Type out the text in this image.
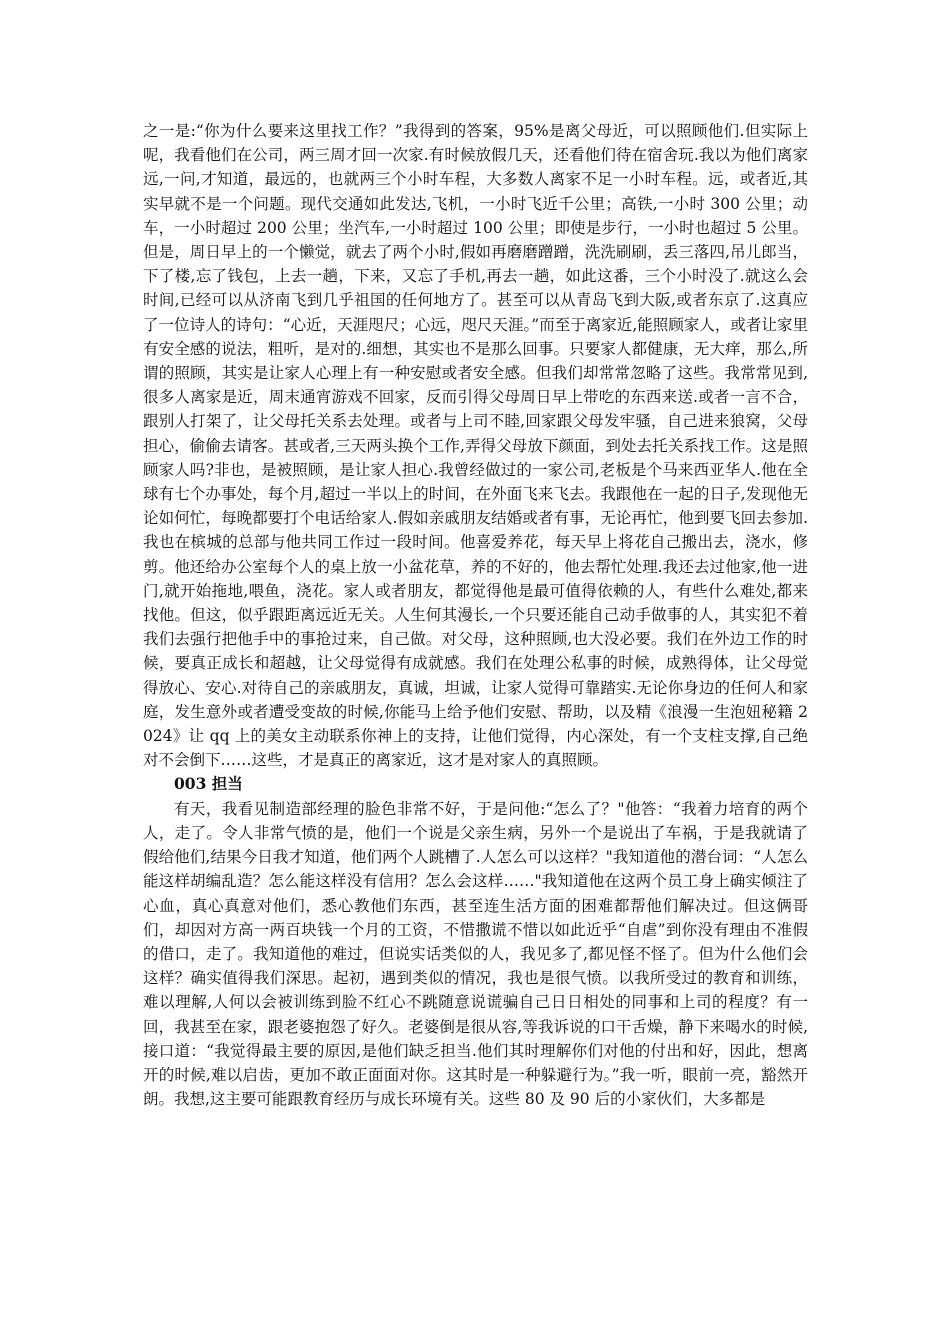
之一是:“你为什么要来这里找工作？”我得到的答案，95%是离父母近，可以照顾他们.但实际上呢，我看他们在公司，两三周才回一次家.有时候放假几天，还看他们待在宿舍玩.我以为他们离家远,一问,才知道，最远的，也就两三个小时车程，大多数人离家不足一小时车程。远，或者近,其实早就不是一个问题。现代交通如此发达,飞机，一小时飞近千公里；高铁,一小时 300 公里；动车，一小时超过 200 公里；坐汽车,一小时超过 100 公里；即使是步行，一小时也超过 5 公里。但是，周日早上的一个懒觉，就去了两个小时,假如再磨磨蹭蹭，洗洗刷刷，丢三落四,吊儿郎当，下了楼,忘了钱包，上去一趟，下来，又忘了手机,再去一趟，如此这番，三个小时没了.就这么会时间,已经可以从济南飞到几乎祖国的任何地方了。甚至可以从青岛飞到大阪,或者东京了.这真应了一位诗人的诗句：“心近，天涯咫尺；心远，咫尺天涯。”而至于离家近,能照顾家人，或者让家里有安全感的说法，粗听，是对的.细想，其实也不是那么回事。只要家人都健康，无大痒，那么,所谓的照顾，其实是让家人心理上有一种安慰或者安全感。但我们却常常忽略了这些。我常常见到,很多人离家是近，周末通宵游戏不回家，反而引得父母周日早上带吃的东西来送.或者一言不合，跟别人打架了，让父母托关系去处理。或者与上司不睦,回家跟父母发牢骚，自己进来狼窝，父母担心，偷偷去请客。甚或者,三天两头换个工作,弄得父母放下颜面，到处去托关系找工作。这是照顾家人吗?非也，是被照顾，是让家人担心.我曾经做过的一家公司,老板是个马来西亚华人.他在全球有七个办事处，每个月,超过一半以上的时间，在外面飞来飞去。我跟他在一起的日子,发现他无论如何忙，每晚都要打个电话给家人.假如亲戚朋友结婚或者有事，无论再忙，他到要飞回去参加.我也在槟城的总部与他共同工作过一段时间。他喜爱养花，每天早上将花自己搬出去，浇水，修剪。他还给办公室每个人的桌上放一小盆花草，养的不好的，他去帮忙处理.我还去过他家,他一进门,就开始拖地,喂鱼，浇花。家人或者朋友，都觉得他是最可值得依赖的人，有些什么难处,都来找他。但这，似乎跟距离远近无关。人生何其漫长,一个只要还能自己动手做事的人，其实犯不着我们去强行把他手中的事抢过来，自己做。对父母，这种照顾,也大没必要。我们在外边工作的时候，要真正成长和超越，让父母觉得有成就感。我们在处理公私事的时候，成熟得体，让父母觉得放心、安心.对待自己的亲戚朋友，真诚，坦诚，让家人觉得可靠踏实.无论你身边的任何人和家庭，发生意外或者遭受变故的时候,你能马上给予他们安慰、帮助，以及精《浪漫一生泡妞秘籍 2024》让 qq 上的美女主动联系你神上的支持，让他们觉得，内心深处，有一个支柱支撑,自己绝对不会倒下……这些，才是真正的离家近，这才是对家人的真照顾。

003 担当

有天，我看见制造部经理的脸色非常不好，于是问他:“怎么了？"他答：“我着力培育的两个人，走了。令人非常气愤的是，他们一个说是父亲生病，另外一个是说出了车祸，于是我就请了假给他们,结果今日我才知道，他们两个人跳槽了.人怎么可以这样？"我知道他的潜台词：“人怎么能这样胡编乱造？怎么能这样没有信用？怎么会这样……"我知道他在这两个员工身上确实倾注了心血，真心真意对他们，悉心教他们东西，甚至连生活方面的困难都帮他们解决过。但这俩哥们，却因对方高一两百块钱一个月的工资，不惜撒谎不惜以如此近乎“自虐”到你没有理由不准假的借口，走了。我知道他的难过，但说实话类似的人，我见多了,都见怪不怪了。但为什么他们会这样？确实值得我们深思。起初，遇到类似的情况，我也是很气愤。以我所受过的教育和训练，难以理解,人何以会被训练到脸不红心不跳随意说谎骗自己日日相处的同事和上司的程度？有一回，我甚至在家，跟老婆抱怨了好久。老婆倒是很从容,等我诉说的口干舌燥，静下来喝水的时候,接口道：“我觉得最主要的原因,是他们缺乏担当.他们其时理解你们对他的付出和好，因此，想离开的时候,难以启齿，更加不敢正面面对你。这其时是一种躲避行为。”我一听，眼前一亮，豁然开朗。我想,这主要可能跟教育经历与成长环境有关。这些 80 及 90 后的小家伙们，大多都是
